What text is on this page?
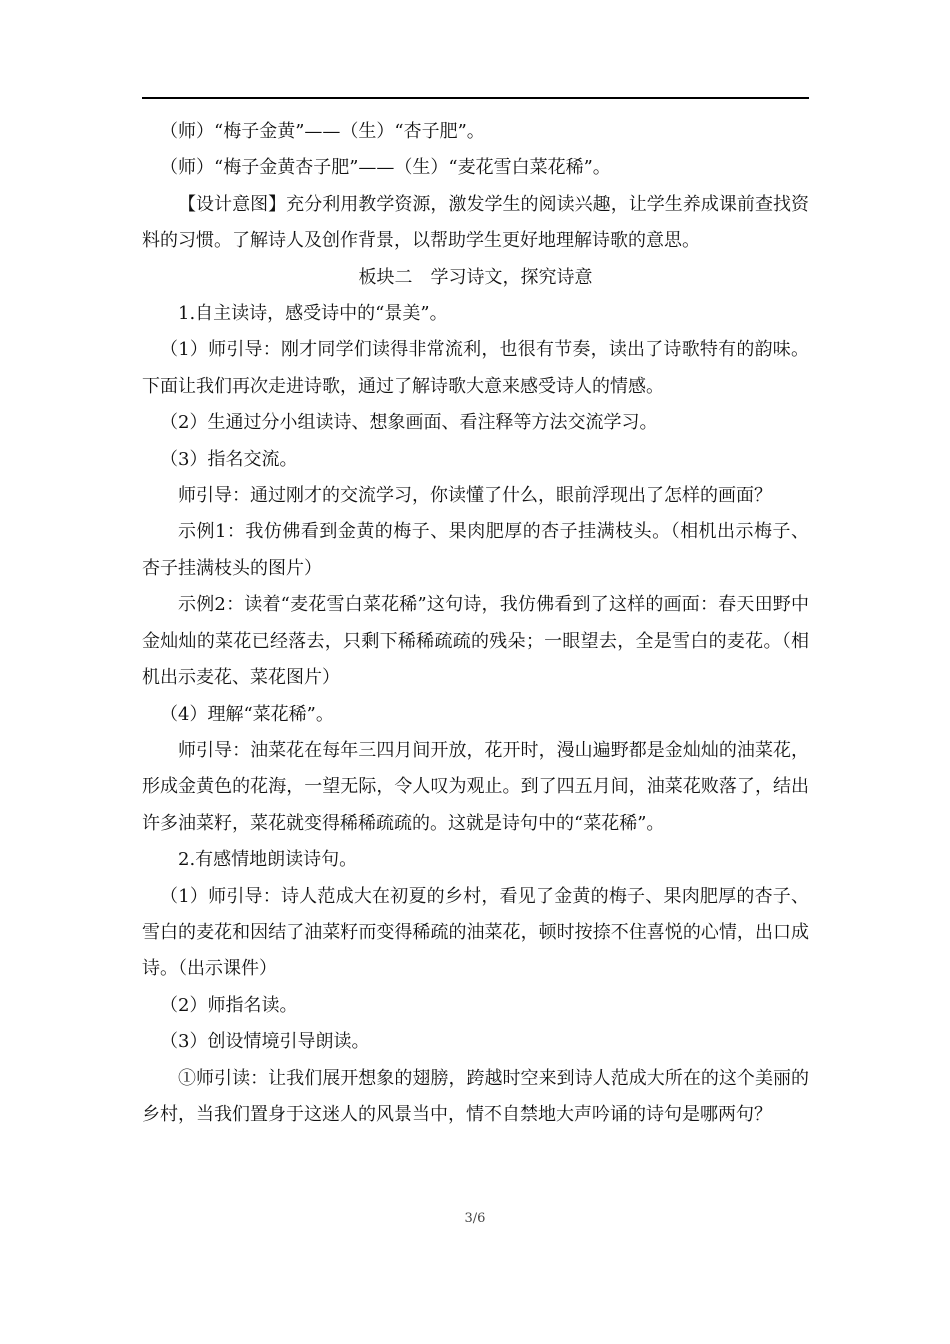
（师）“梅子金黄”——（生）“杏子肥”。

（师）“梅子金黄杏子肥”——（生）“麦花雪白菜花稀”。

【设计意图】充分利用教学资源，激发学生的阅读兴趣，让学生养成课前查找资料的习惯。了解诗人及创作背景，以帮助学生更好地理解诗歌的意思。

板块二　学习诗文，探究诗意

1.自主读诗，感受诗中的“景美”。

（1）师引导：刚才同学们读得非常流利，也很有节奏，读出了诗歌特有的韵味。下面让我们再次走进诗歌，通过了解诗歌大意来感受诗人的情感。

（2）生通过分小组读诗、想象画面、看注释等方法交流学习。

（3）指名交流。

师引导：通过刚才的交流学习，你读懂了什么，眼前浮现出了怎样的画面？

示例1：我仿佛看到金黄的梅子、果肉肥厚的杏子挂满枝头。（相机出示梅子、杏子挂满枝头的图片）

示例2：读着“麦花雪白菜花稀”这句诗，我仿佛看到了这样的画面：春天田野中金灿灿的菜花已经落去，只剩下稀稀疏疏的残朵；一眼望去，全是雪白的麦花。（相机出示麦花、菜花图片）

（4）理解“菜花稀”。

师引导：油菜花在每年三四月间开放，花开时，漫山遍野都是金灿灿的油菜花，形成金黄色的花海，一望无际，令人叹为观止。到了四五月间，油菜花败落了，结出许多油菜籽，菜花就变得稀稀疏疏的。这就是诗句中的“菜花稀”。

2.有感情地朗读诗句。

（1）师引导：诗人范成大在初夏的乡村，看见了金黄的梅子、果肉肥厚的杏子、雪白的麦花和因结了油菜籽而变得稀疏的油菜花，顿时按捺不住喜悦的心情，出口成诗。（出示课件）

（2）师指名读。

（3）创设情境引导朗读。

①师引读：让我们展开想象的翅膀，跨越时空来到诗人范成大所在的这个美丽的乡村，当我们置身于这迷人的风景当中，情不自禁地大声吟诵的诗句是哪两句？

3/6
